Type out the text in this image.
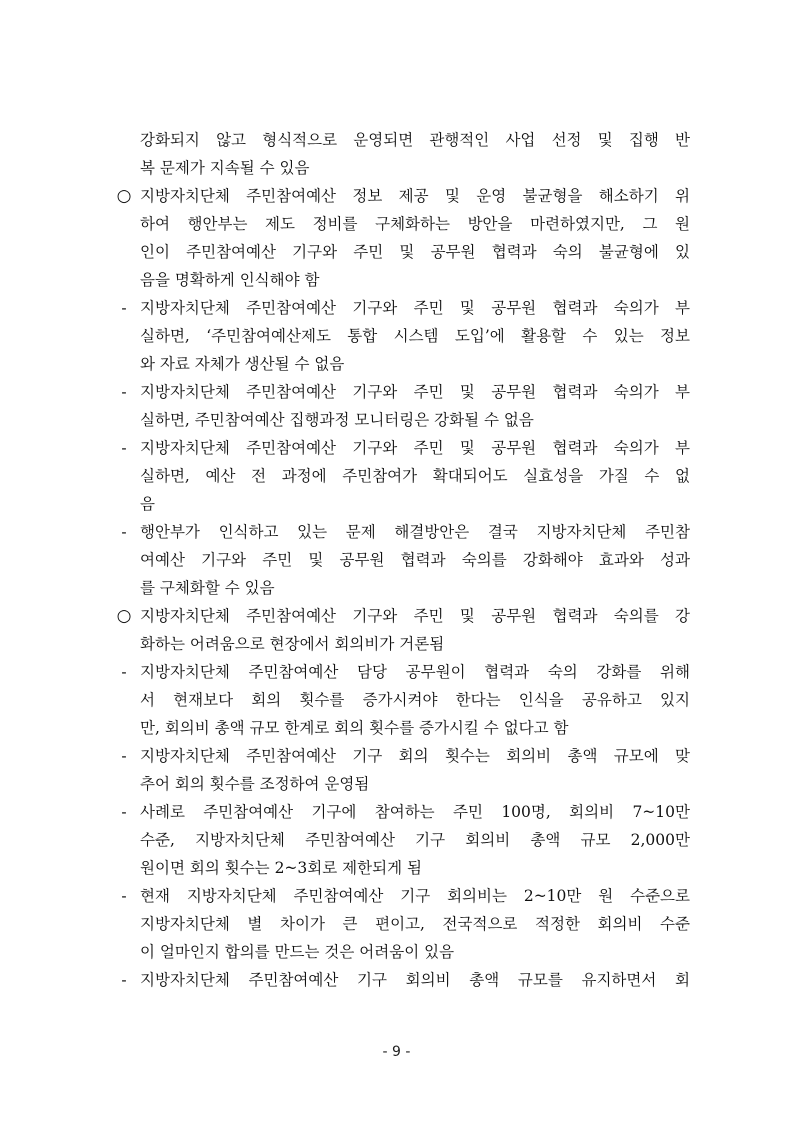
강화되지 않고 형식적으로 운영되면 관행적인 사업 선정 및 집행 반
복 문제가 지속될 수 있음
○ 지방자치단체 주민참여예산 정보 제공 및 운영 불균형을 해소하기 위
하여 행안부는 제도 정비를 구체화하는 방안을 마련하였지만, 그 원
인이 주민참여예산 기구와 주민 및 공무원 협력과 숙의 불균형에 있
음을 명확하게 인식해야 함
- 지방자치단체 주민참여예산 기구와 주민 및 공무원 협력과 숙의가 부
실하면, ‘주민참여예산제도 통합 시스템 도입’에 활용할 수 있는 정보
와 자료 자체가 생산될 수 없음
- 지방자치단체 주민참여예산 기구와 주민 및 공무원 협력과 숙의가 부
실하면, 주민참여예산 집행과정 모니터링은 강화될 수 없음
- 지방자치단체 주민참여예산 기구와 주민 및 공무원 협력과 숙의가 부
실하면, 예산 전 과정에 주민참여가 확대되어도 실효성을 가질 수 없
음
- 행안부가 인식하고 있는 문제 해결방안은 결국 지방자치단체 주민참
여예산 기구와 주민 및 공무원 협력과 숙의를 강화해야 효과와 성과
를 구체화할 수 있음
○ 지방자치단체 주민참여예산 기구와 주민 및 공무원 협력과 숙의를 강
화하는 어려움으로 현장에서 회의비가 거론됨
- 지방자치단체 주민참여예산 담당 공무원이 협력과 숙의 강화를 위해
서 현재보다 회의 횟수를 증가시켜야 한다는 인식을 공유하고 있지
만, 회의비 총액 규모 한계로 회의 횟수를 증가시킬 수 없다고 함
- 지방자치단체 주민참여예산 기구 회의 횟수는 회의비 총액 규모에 맞
추어 회의 횟수를 조정하여 운영됨
- 사례로 주민참여예산 기구에 참여하는 주민 100명, 회의비 7~10만
수준, 지방자치단체 주민참여예산 기구 회의비 총액 규모 2,000만
원이면 회의 횟수는 2~3회로 제한되게 됨
- 현재 지방자치단체 주민참여예산 기구 회의비는 2~10만 원 수준으로
지방자치단체 별 차이가 큰 편이고, 전국적으로 적정한 회의비 수준
이 얼마인지 합의를 만드는 것은 어려움이 있음
- 지방자치단체 주민참여예산 기구 회의비 총액 규모를 유지하면서 회
- 9 -
